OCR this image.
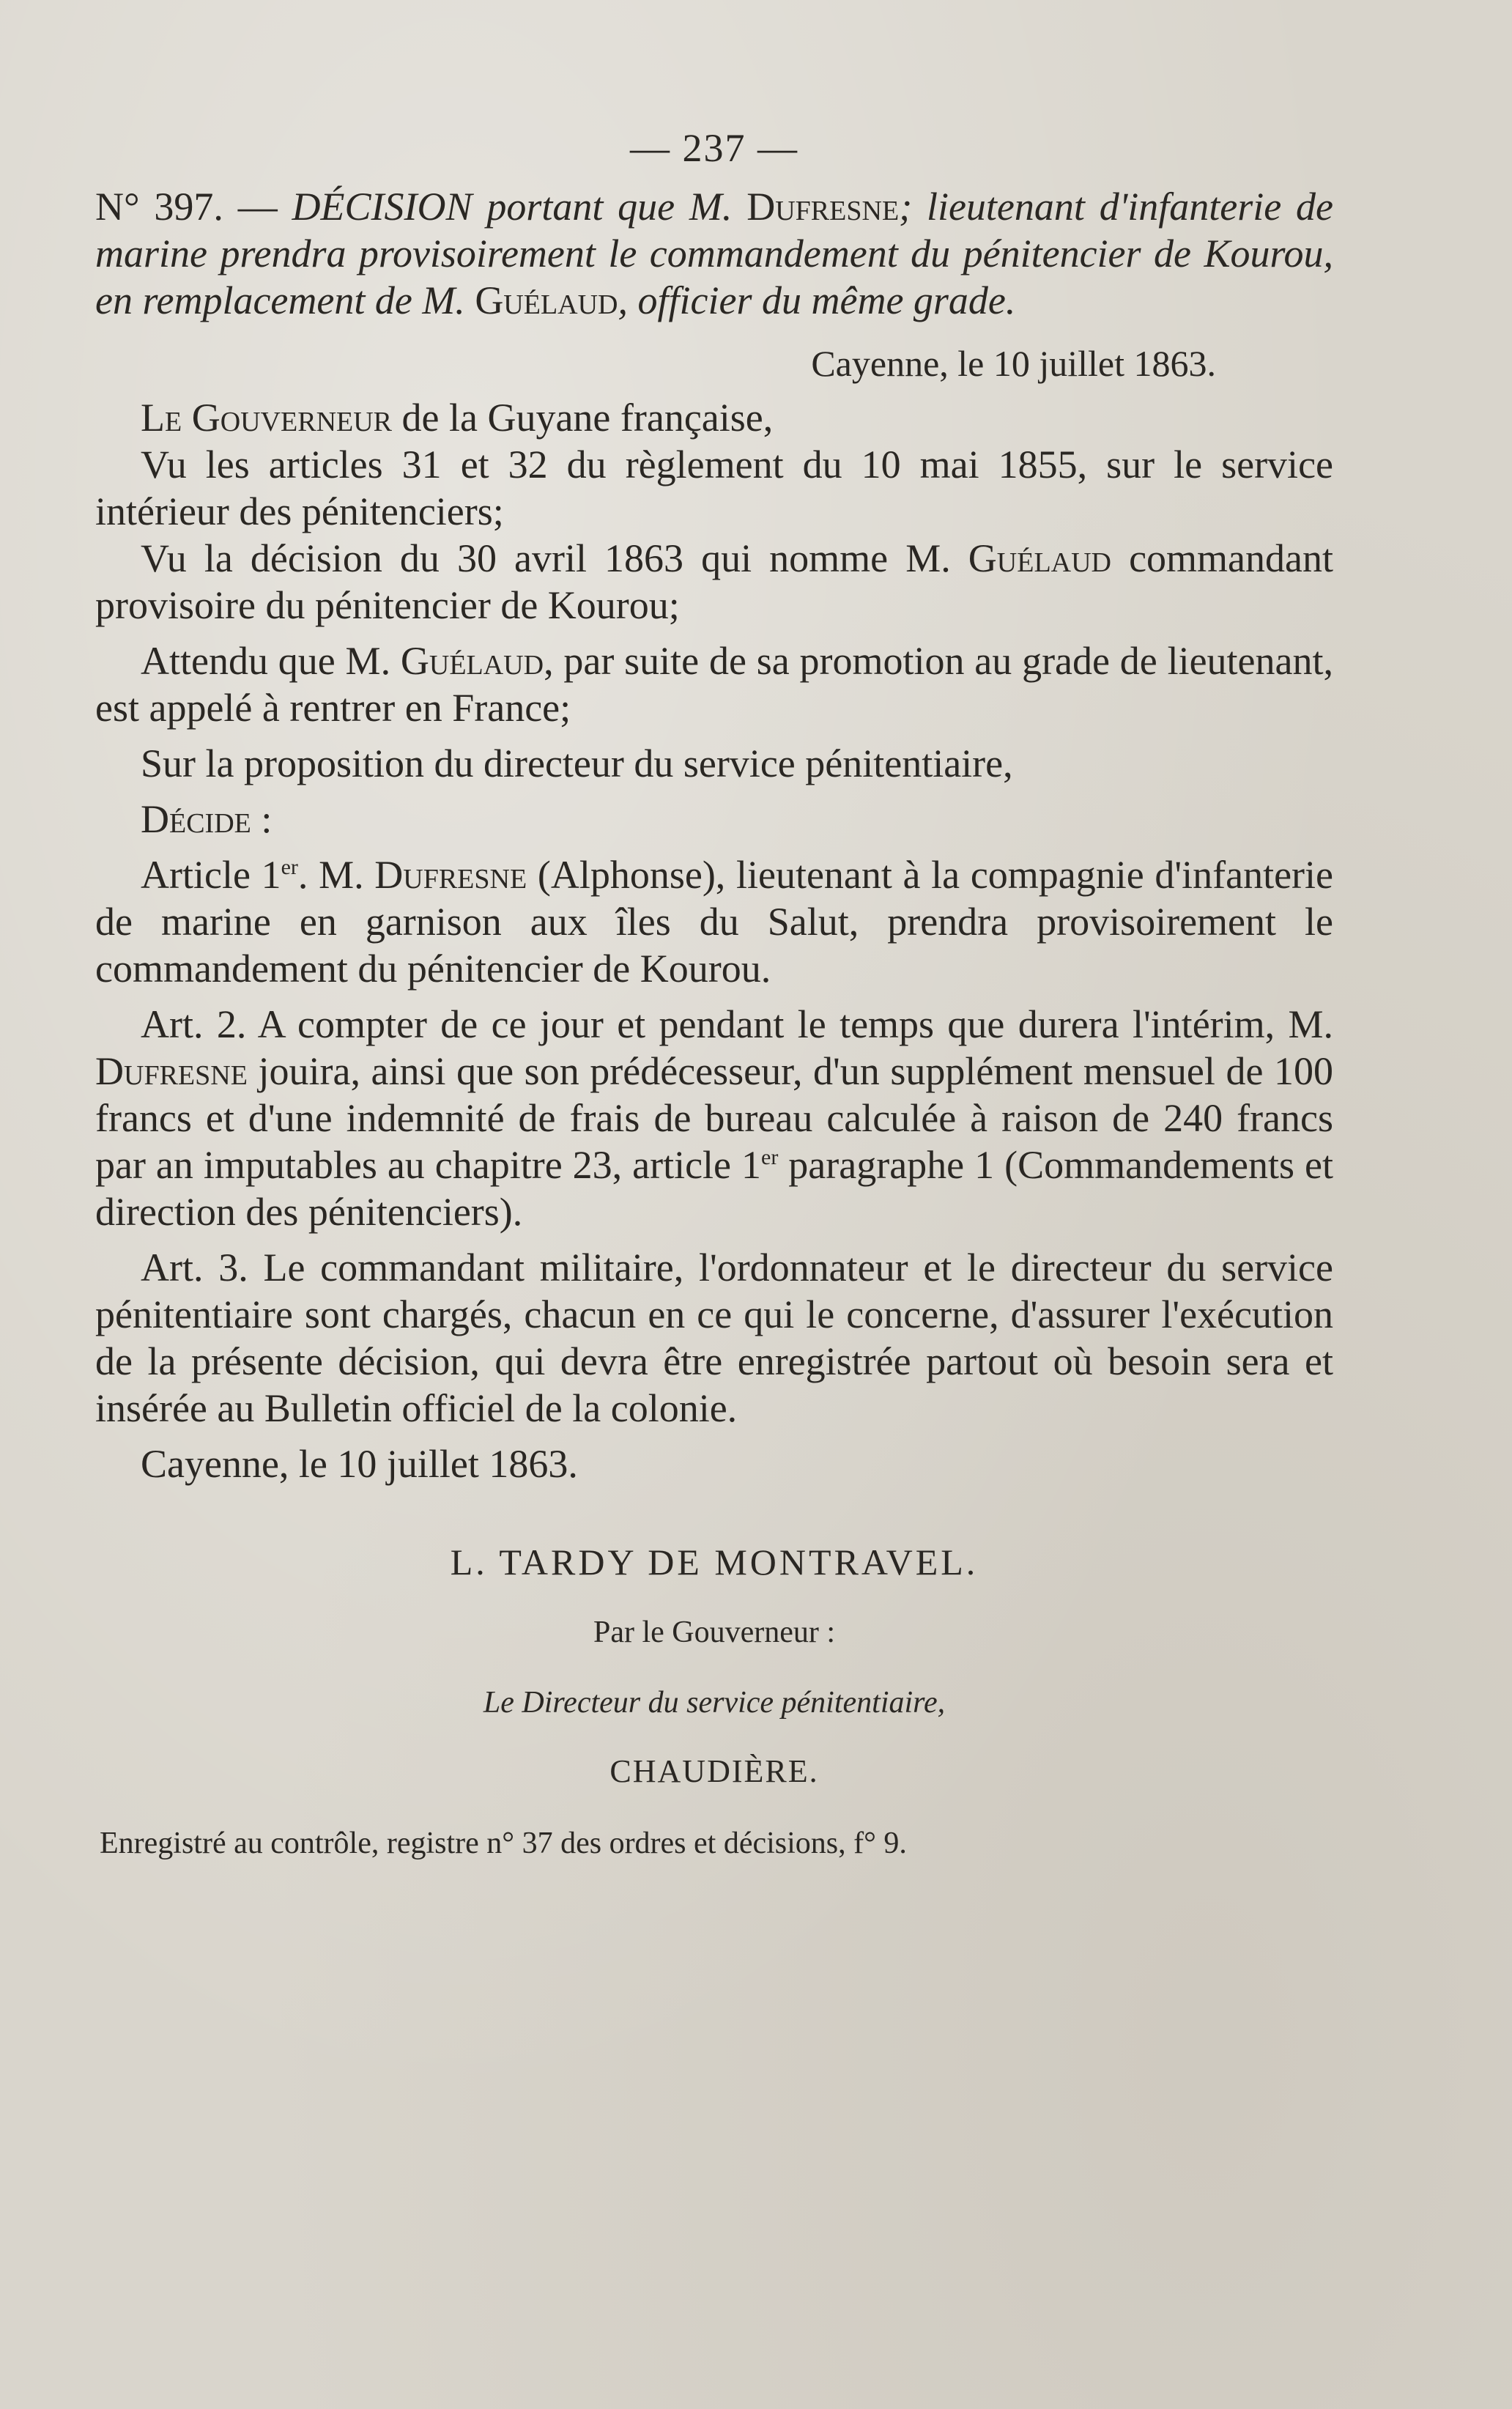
— 237 —

N° 397. — DÉCISION portant que M. Dufresne; lieutenant d'infanterie de marine prendra provisoirement le commandement du pénitencier de Kourou, en remplacement de M. Guélaud, officier du même grade.

Cayenne, le 10 juillet 1863.

Le Gouverneur de la Guyane française,

Vu les articles 31 et 32 du règlement du 10 mai 1855, sur le service intérieur des pénitenciers;

Vu la décision du 30 avril 1863 qui nomme M. Guélaud commandant provisoire du pénitencier de Kourou;

Attendu que M. Guélaud, par suite de sa promotion au grade de lieutenant, est appelé à rentrer en France;

Sur la proposition du directeur du service pénitentiaire,

Décide :

Article 1er. M. Dufresne (Alphonse), lieutenant à la compagnie d'infanterie de marine en garnison aux îles du Salut, prendra provisoirement le commandement du pénitencier de Kourou.

Art. 2. A compter de ce jour et pendant le temps que durera l'intérim, M. Dufresne jouira, ainsi que son prédécesseur, d'un supplément mensuel de 100 francs et d'une indemnité de frais de bureau calculée à raison de 240 francs par an imputables au chapitre 23, article 1er paragraphe 1 (Commandements et direction des pénitenciers).

Art. 3. Le commandant militaire, l'ordonnateur et le directeur du service pénitentiaire sont chargés, chacun en ce qui le concerne, d'assurer l'exécution de la présente décision, qui devra être enregistrée partout où besoin sera et insérée au Bulletin officiel de la colonie.

Cayenne, le 10 juillet 1863.

L. TARDY DE MONTRAVEL.
Par le Gouverneur :
Le Directeur du service pénitentiaire,
CHAUDIÈRE.
Enregistré au contrôle, registre n° 37 des ordres et décisions, f° 9.
